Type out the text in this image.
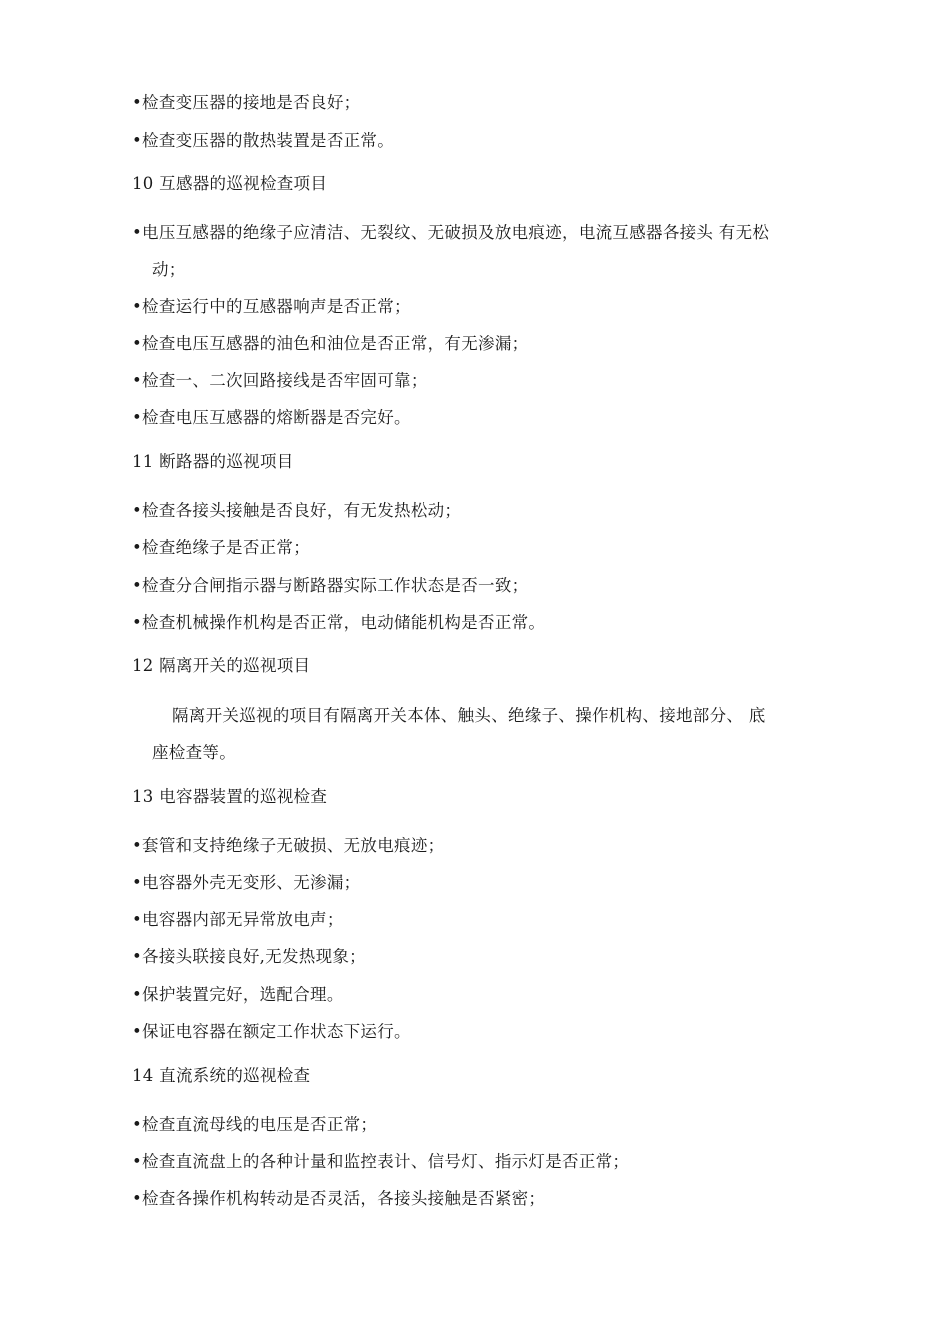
•检查变压器的接地是否良好；
•检查变压器的散热装置是否正常。
10 互感器的巡视检查项目
•电压互感器的绝缘子应清洁、无裂纹、无破损及放电痕迹，电流互感器各接头 有无松
动；
•检查运行中的互感器响声是否正常；
•检查电压互感器的油色和油位是否正常，有无渗漏；
•检查一、二次回路接线是否牢固可靠；
•检查电压互感器的熔断器是否完好。
11 断路器的巡视项目
•检查各接头接触是否良好，有无发热松动；
•检查绝缘子是否正常；
•检查分合闸指示器与断路器实际工作状态是否一致；
•检查机械操作机构是否正常，电动储能机构是否正常。
12 隔离开关的巡视项目
隔离开关巡视的项目有隔离开关本体、触头、绝缘子、操作机构、接地部分、 底
座检查等。
13 电容器装置的巡视检查
•套管和支持绝缘子无破损、无放电痕迹；
•电容器外壳无变形、无渗漏；
•电容器内部无异常放电声；
•各接头联接良好,无发热现象；
•保护装置完好，选配合理。
•保证电容器在额定工作状态下运行。
14 直流系统的巡视检查
•检查直流母线的电压是否正常；
•检查直流盘上的各种计量和监控表计、信号灯、指示灯是否正常；
•检查各操作机构转动是否灵活，各接头接触是否紧密；
